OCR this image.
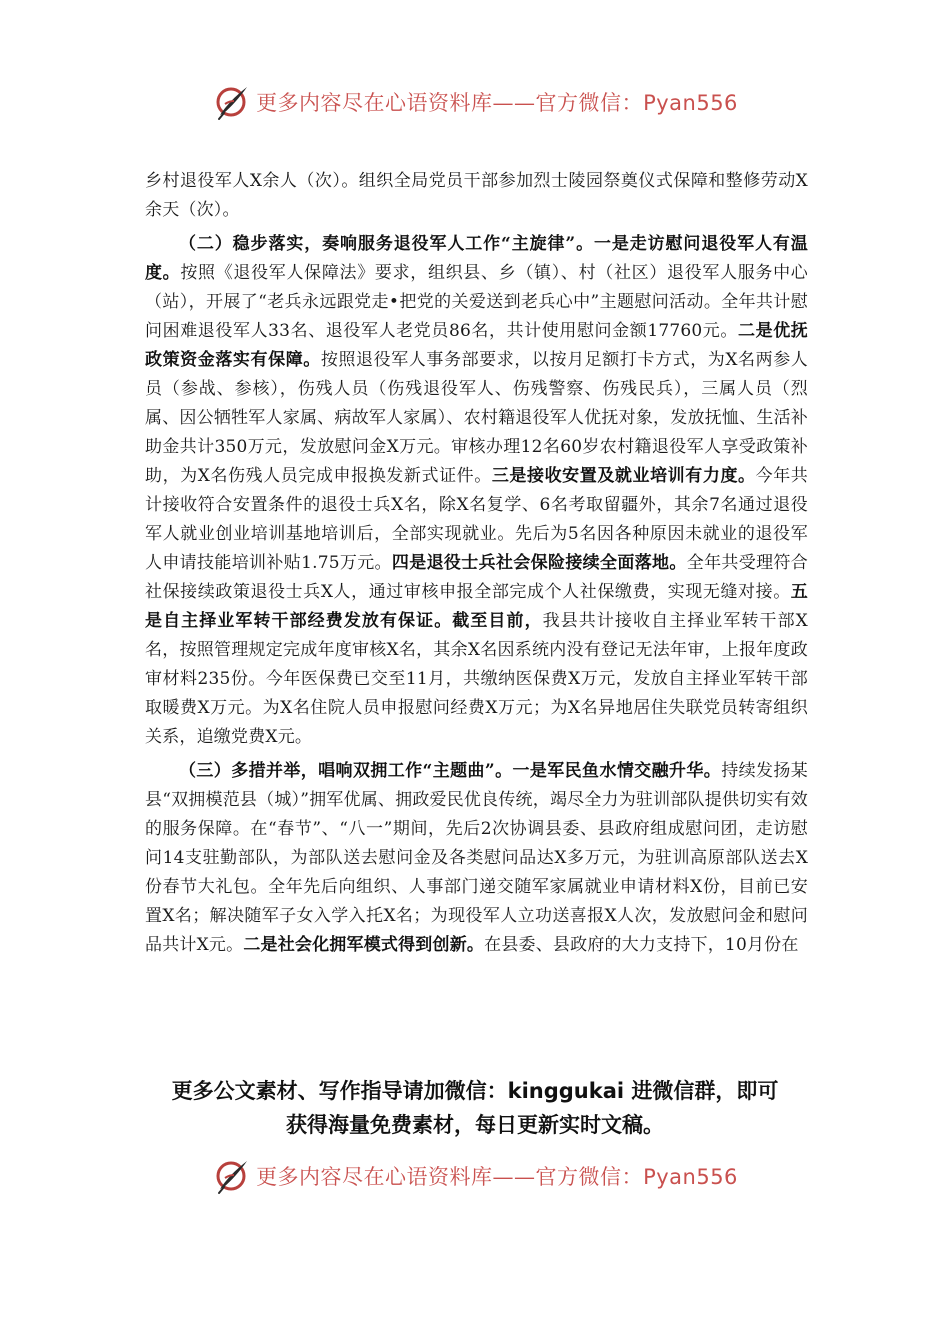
更多内容尽在心语资料库——官方微信：Pyan556

乡村退役军人X余人（次）。组织全局党员干部参加烈士陵园祭奠仪式保障和整修劳动X余天（次）。

（二）稳步落实，奏响服务退役军人工作“主旋律”。一是走访慰问退役军人有温度。按照《退役军人保障法》要求，组织县、乡（镇）、村（社区）退役军人服务中心（站），开展了“老兵永远跟党走•把党的关爱送到老兵心中”主题慰问活动。全年共计慰问困难退役军人33名、退役军人老党员86名，共计使用慰问金额17760元。二是优抚政策资金落实有保障。按照退役军人事务部要求，以按月足额打卡方式，为X名两参人员（参战、参核），伤残人员（伤残退役军人、伤残警察、伤残民兵），三属人员（烈属、因公牺牲军人家属、病故军人家属）、农村籍退役军人优抚对象，发放抚恤、生活补助金共计350万元，发放慰问金X万元。审核办理12名60岁农村籍退役军人享受政策补助，为X名伤残人员完成申报换发新式证件。三是接收安置及就业培训有力度。今年共计接收符合安置条件的退役士兵X名，除X名复学、6名考取留疆外，其余7名通过退役军人就业创业培训基地培训后，全部实现就业。先后为5名因各种原因未就业的退役军人申请技能培训补贴1.75万元。四是退役士兵社会保险接续全面落地。全年共受理符合社保接续政策退役士兵X人，通过审核申报全部完成个人社保缴费，实现无缝对接。五是自主择业军转干部经费发放有保证。截至目前，我县共计接收自主择业军转干部X名，按照管理规定完成年度审核X名，其余X名因系统内没有登记无法年审，上报年度政审材料235份。今年医保费已交至11月，共缴纳医保费X万元，发放自主择业军转干部取暖费X万元。为X名住院人员申报慰问经费X万元；为X名异地居住失联党员转寄组织关系，追缴党费X元。

（三）多措并举，唱响双拥工作“主题曲”。一是军民鱼水情交融升华。持续发扬某县“双拥模范县（城）”拥军优属、拥政爱民优良传统，竭尽全力为驻训部队提供切实有效的服务保障。在“春节”、“八一”期间，先后2次协调县委、县政府组成慰问团，走访慰问14支驻勤部队，为部队送去慰问金及各类慰问品达X多万元，为驻训高原部队送去X份春节大礼包。全年先后向组织、人事部门递交随军家属就业申请材料X份，目前已安置X名；解决随军子女入学入托X名；为现役军人立功送喜报X人次，发放慰问金和慰问品共计X元。二是社会化拥军模式得到创新。在县委、县政府的大力支持下，10月份在

更多公文素材、写作指导请加微信：kinggukai 进微信群，即可
获得海量免费素材，每日更新实时文稿。
更多内容尽在心语资料库——官方微信：Pyan556
